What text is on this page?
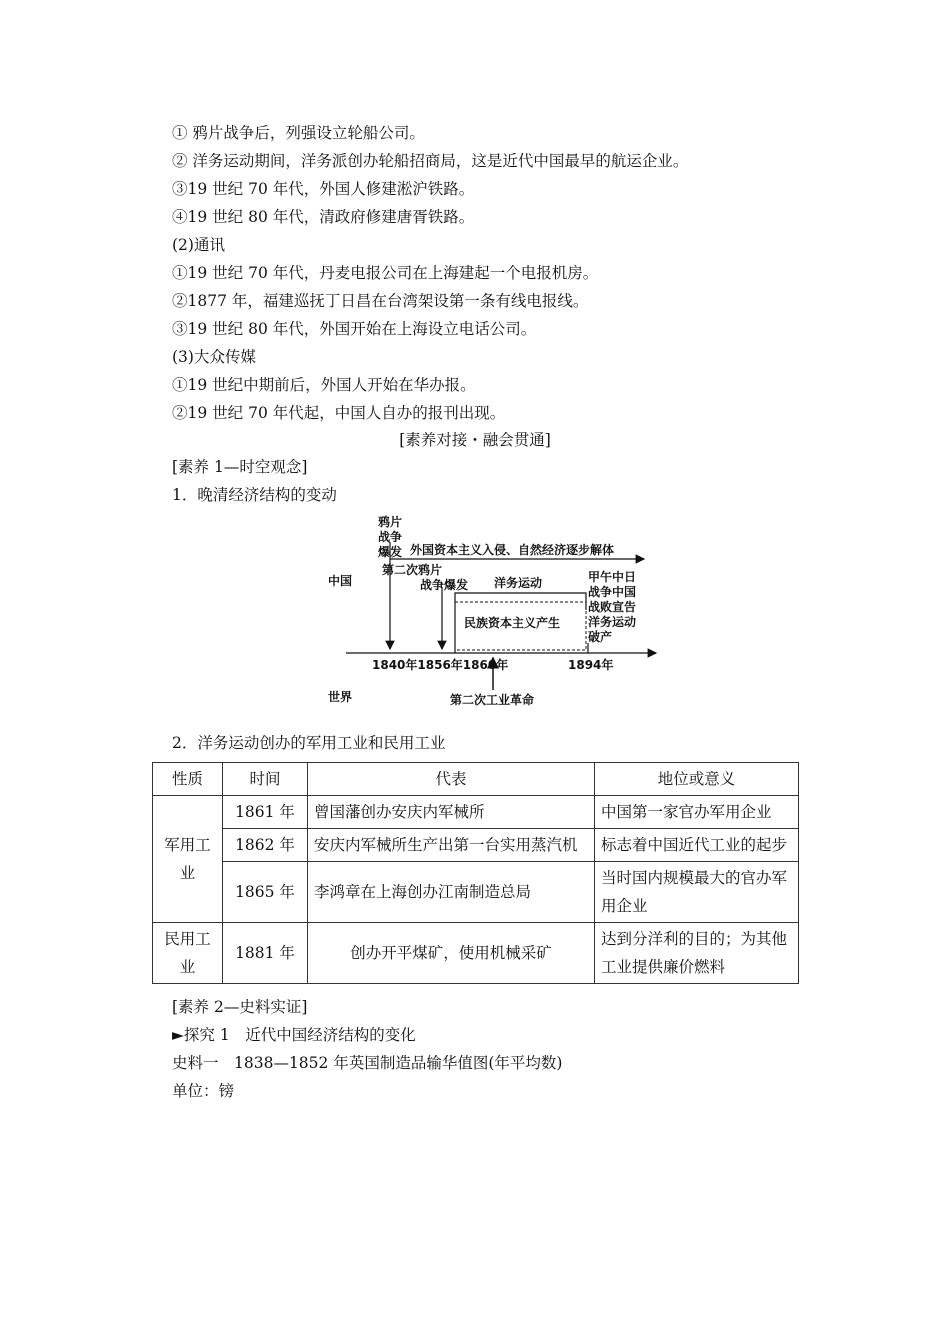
① 鸦片战争后，列强设立轮船公司。
② 洋务运动期间，洋务派创办轮船招商局，这是近代中国最早的航运企业。
③19 世纪 70 年代，外国人修建淞沪铁路。
④19 世纪 80 年代，清政府修建唐胥铁路。
(2)通讯
①19 世纪 70 年代，丹麦电报公司在上海建起一个电报机房。
②1877 年，福建巡抚丁日昌在台湾架设第一条有线电报线。
③19 世纪 80 年代，外国开始在上海设立电话公司。
(3)大众传媒
①19 世纪中期前后，外国人开始在华办报。
②19 世纪 70 年代起，中国人自办的报刊出现。
[素养对接・融会贯通]
[素养 1—时空观念]
1．晚清经济结构的变动
鸦片
战争
爆发 外国资本主义入侵、自然经济逐步解体
中国
第二次鸦片
战争爆发 洋务运动
民族资本主义产生
甲午中日
战争中国
战败宣告
洋务运动
破产
1840年1856年1860年	1894年
世界	第二次工业革命
2．洋务运动创办的军用工业和民用工业
性质	时间	代表	地位或意义
军用工业	1861 年	曾国藩创办安庆内军械所	中国第一家官办军用企业
	1862 年	安庆内军械所生产出第一台实用蒸汽机	标志着中国近代工业的起步
	1865 年	李鸿章在上海创办江南制造总局	当时国内规模最大的官办军用企业
民用工业	1881 年	创办开平煤矿，使用机械采矿	达到分洋利的目的；为其他工业提供廉价燃料
[素养 2—史料实证]
►探究 1　近代中国经济结构的变化
史料一　1838—1852 年英国制造品输华值图(年平均数)
单位：镑
